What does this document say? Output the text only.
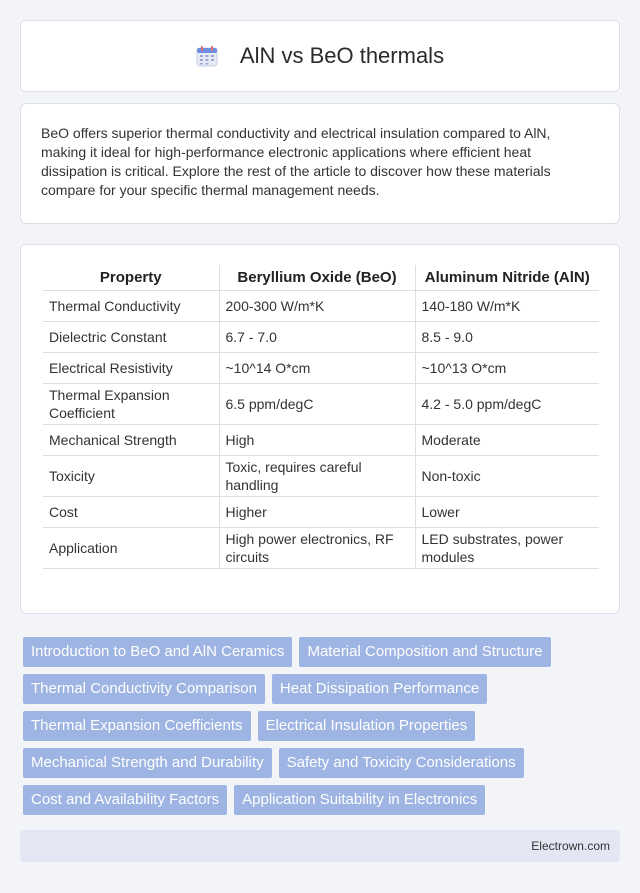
AlN vs BeO thermals

BeO offers superior thermal conductivity and electrical insulation compared to AlN, making it ideal for high-performance electronic applications where efficient heat dissipation is critical. Explore the rest of the article to discover how these materials compare for your specific thermal management needs.

Property	Beryllium Oxide (BeO)	Aluminum Nitride (AlN)
Thermal Conductivity	200-300 W/m*K	140-180 W/m*K
Dielectric Constant	6.7 - 7.0	8.5 - 9.0
Electrical Resistivity	~10^14 O*cm	~10^13 O*cm
Thermal Expansion Coefficient	6.5 ppm/degC	4.2 - 5.0 ppm/degC
Mechanical Strength	High	Moderate
Toxicity	Toxic, requires careful handling	Non-toxic
Cost	Higher	Lower
Application	High power electronics, RF circuits	LED substrates, power modules
Introduction to BeO and AlN Ceramics	Material Composition and Structure
Thermal Conductivity Comparison	Heat Dissipation Performance
Thermal Expansion Coefficients	Electrical Insulation Properties
Mechanical Strength and Durability	Safety and Toxicity Considerations
Cost and Availability Factors	Application Suitability in Electronics
Electrown.com
